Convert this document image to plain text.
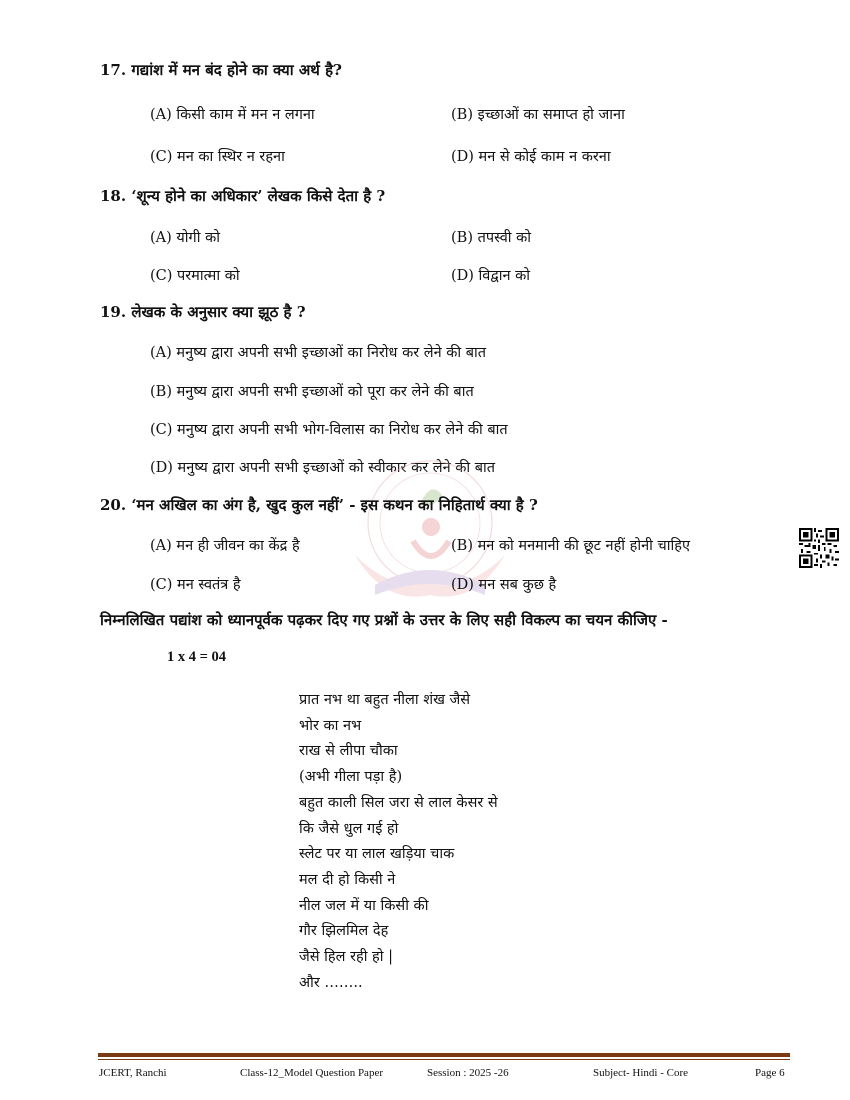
17. गद्यांश में मन बंद होने का क्या अर्थ है?
(A) किसी काम में मन न लगना	(B) इच्छाओं का समाप्त हो जाना
(C) मन का स्थिर न रहना	(D) मन से कोई काम न करना
18. ‘शून्य होने का अधिकार’ लेखक किसे देता है ?
(A) योगी को	(B) तपस्वी को
(C) परमात्मा को	(D) विद्वान को
19. लेखक के अनुसार क्या झूठ है ?
(A) मनुष्य द्वारा अपनी सभी इच्छाओं का निरोध कर लेने की बात
(B) मनुष्य द्वारा अपनी सभी इच्छाओं को पूरा कर लेने की बात
(C) मनुष्य द्वारा अपनी सभी भोग-विलास का निरोध कर लेने की बात
(D) मनुष्य द्वारा अपनी सभी इच्छाओं को स्वीकार कर लेने की बात
20. ‘मन अखिल का अंग है, खुद कुल नहीं’ - इस कथन का निहितार्थ क्या है ?
(A) मन ही जीवन का केंद्र है	(B) मन को मनमानी की छूट नहीं होनी चाहिए
(C) मन स्वतंत्र है	(D) मन सब कुछ है
निम्नलिखित पद्यांश को ध्यानपूर्वक पढ़कर दिए गए प्रश्नों के उत्तर के लिए सही विकल्प का चयन कीजिए -
1 x 4 = 04
प्रात नभ था बहुत नीला शंख जैसे
भोर का नभ
राख से लीपा चौका
(अभी गीला पड़ा है)
बहुत काली सिल जरा से लाल केसर से
कि जैसे धुल गई हो
स्लेट पर या लाल खड़िया चाक
मल दी हो किसी ने
नील जल में या किसी की
गौर झिलमिल देह
जैसे हिल रही हो |
और ……..
JCERT, Ranchi	Class-12_Model Question Paper	Session : 2025 -26	Subject- Hindi - Core	Page 6
